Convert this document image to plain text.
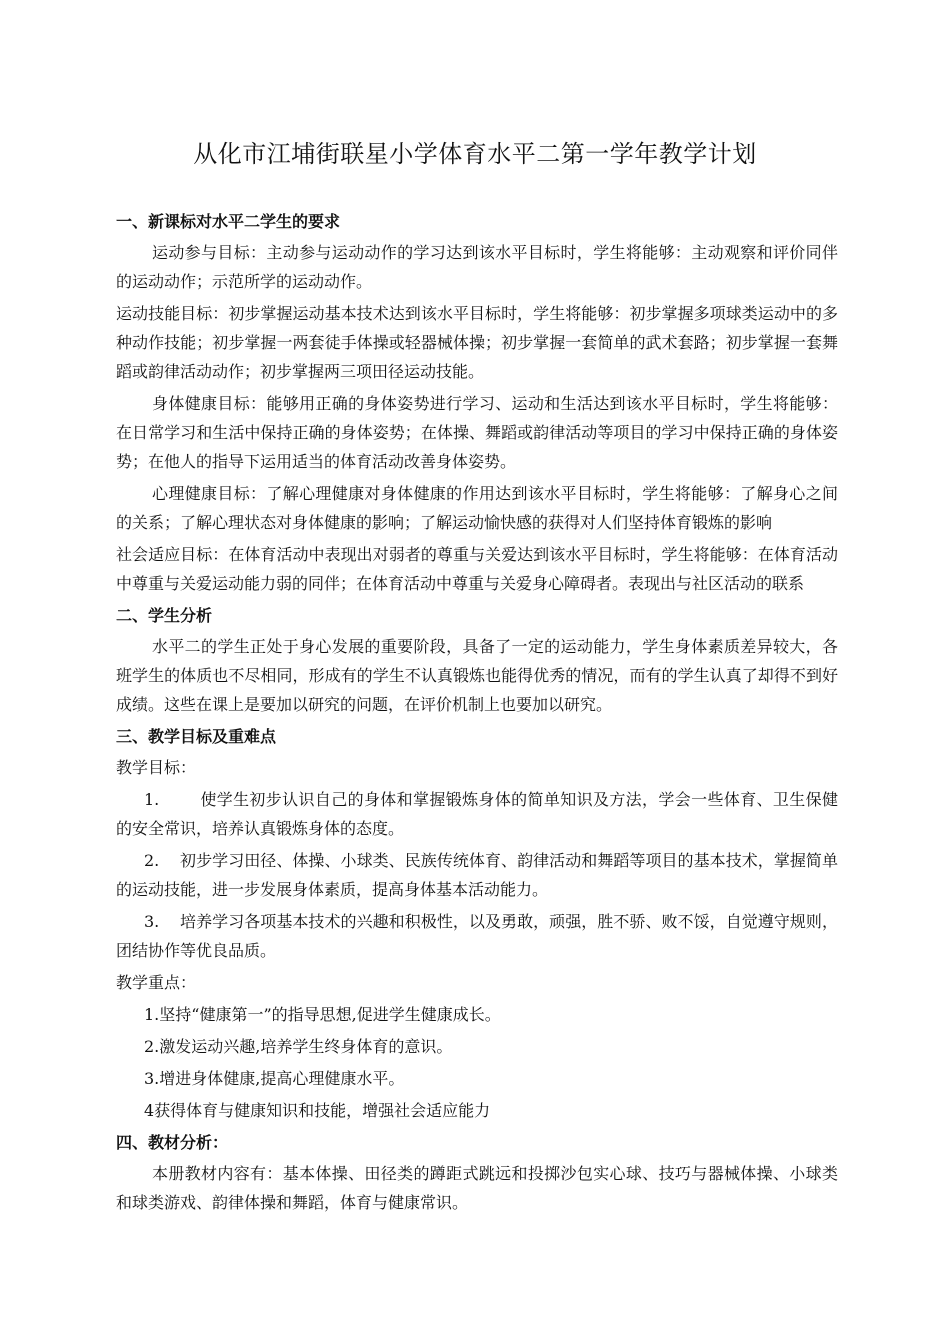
从化市江埔街联星小学体育水平二第一学年教学计划
一、新课标对水平二学生的要求
运动参与目标：主动参与运动动作的学习达到该水平目标时，学生将能够：主动观察和评价同伴的运动动作；示范所学的运动动作。
运动技能目标：初步掌握运动基本技术达到该水平目标时，学生将能够：初步掌握多项球类运动中的多种动作技能；初步掌握一两套徒手体操或轻器械体操；初步掌握一套简单的武术套路；初步掌握一套舞蹈或韵律活动动作；初步掌握两三项田径运动技能。
身体健康目标：能够用正确的身体姿势进行学习、运动和生活达到该水平目标时，学生将能够：在日常学习和生活中保持正确的身体姿势；在体操、舞蹈或韵律活动等项目的学习中保持正确的身体姿势；在他人的指导下运用适当的体育活动改善身体姿势。
心理健康目标：了解心理健康对身体健康的作用达到该水平目标时，学生将能够：了解身心之间的关系；了解心理状态对身体健康的影响；了解运动愉快感的获得对人们坚持体育锻炼的影响
社会适应目标：在体育活动中表现出对弱者的尊重与关爱达到该水平目标时，学生将能够：在体育活动中尊重与关爱运动能力弱的同伴；在体育活动中尊重与关爱身心障碍者。表现出与社区活动的联系
二、学生分析
水平二的学生正处于身心发展的重要阶段，具备了一定的运动能力，学生身体素质差异较大，各班学生的体质也不尽相同，形成有的学生不认真锻炼也能得优秀的情况，而有的学生认真了却得不到好成绩。这些在课上是要加以研究的问题，在评价机制上也要加以研究。
三、教学目标及重难点
教学目标：
1.	使学生初步认识自己的身体和掌握锻炼身体的简单知识及方法，学会一些体育、卫生保健的安全常识，培养认真锻炼身体的态度。
2. 初步学习田径、体操、小球类、民族传统体育、韵律活动和舞蹈等项目的基本技术，掌握简单的运动技能，进一步发展身体素质，提高身体基本活动能力。
3. 培养学习各项基本技术的兴趣和积极性，以及勇敢，顽强，胜不骄、败不馁，自觉遵守规则，团结协作等优良品质。
教学重点：
1.坚持“健康第一”的指导思想,促进学生健康成长。
2.激发运动兴趣,培养学生终身体育的意识。
3.增进身体健康,提高心理健康水平。
4获得体育与健康知识和技能，增强社会适应能力
四、教材分析：
本册教材内容有：基本体操、田径类的蹲距式跳远和投掷沙包实心球、技巧与器械体操、小球类和球类游戏、韵律体操和舞蹈，体育与健康常识。
